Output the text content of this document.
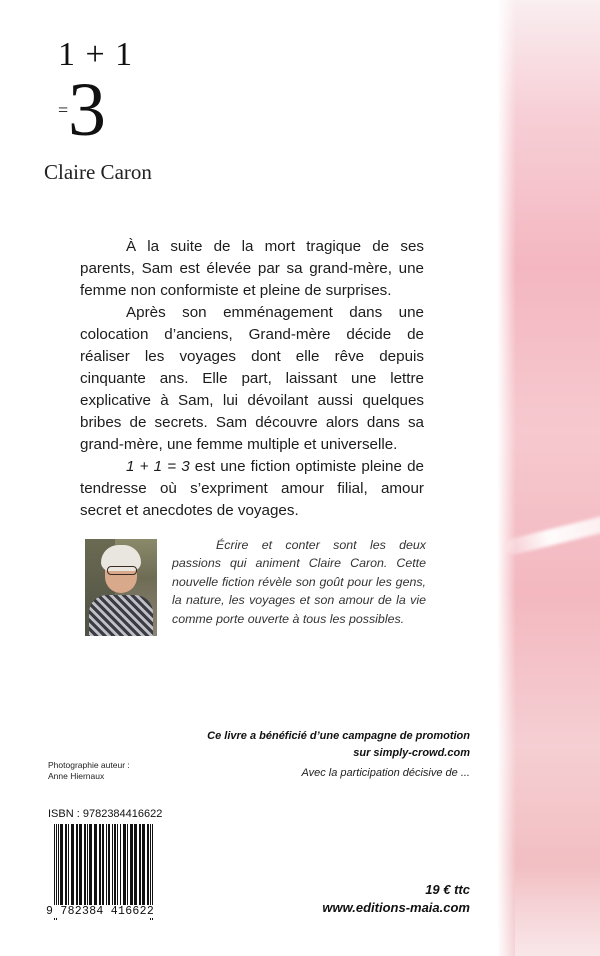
1 + 1
= 3
Claire Caron

À la suite de la mort tragique de ses parents, Sam est élevée par sa grand-mère, une femme non conformiste et pleine de surprises.

Après son emménagement dans une colocation d’anciens, Grand-mère décide de réaliser les voyages dont elle rêve depuis cinquante ans. Elle part, laissant une lettre explicative à Sam, lui dévoilant aussi quelques bribes de secrets. Sam découvre alors dans sa grand-mère, une femme multiple et universelle.

1 + 1 = 3 est une fiction optimiste pleine de tendresse où s’expriment amour filial, amour secret et anecdotes de voyages.

Écrire et conter sont les deux passions qui animent Claire Caron. Cette nouvelle fiction révèle son goût pour les gens, la nature, les voyages et son amour de la vie comme porte ouverte à tous les possibles.

Ce livre a bénéficié d’une campagne de promotion
sur simply-crowd.com
Avec la participation décisive de ...
Photographie auteur :
Anne Hiernaux
ISBN : 9782384416622
9 782384 416622
19 € ttc
www.editions-maia.com
